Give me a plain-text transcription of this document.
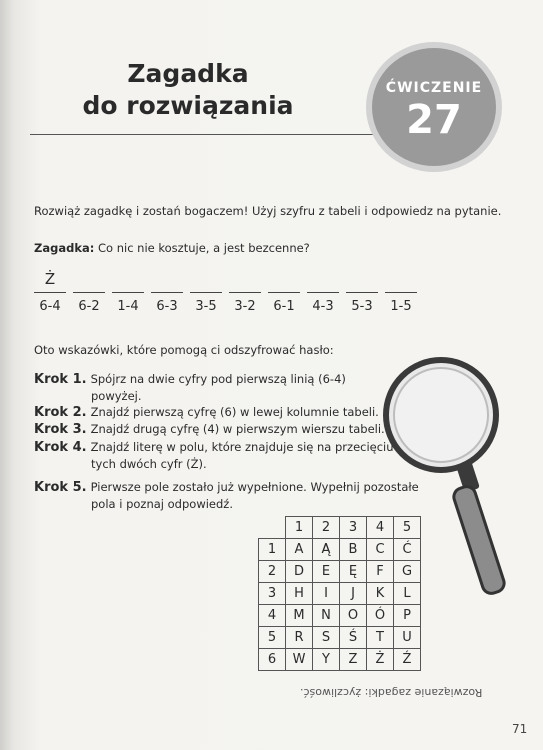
Zagadka
do rozwiązania
ĆWICZENIE
27
Rozwiąż zagadkę i zostań bogaczem! Użyj szyfru z tabeli i odpowiedz na pytanie.
Zagadka: Co nic nie kosztuje, a jest bezcenne?
Ż
6-4	6-2	1-4	6-3	3-5	3-2	6-1	4-3	5-3	1-5
Oto wskazówki, które pomogą ci odszyfrować hasło:
Krok 1. Spójrz na dwie cyfry pod pierwszą linią (6-4)
powyżej.
Krok 2. Znajdź pierwszą cyfrę (6) w lewej kolumnie tabeli.
Krok 3. Znajdź drugą cyfrę (4) w pierwszym wierszu tabeli.
Krok 4. Znajdź literę w polu, które znajduje się na przecięciu
tych dwóch cyfr (Ż).
Krok 5. Pierwsze pole zostało już wypełnione. Wypełnij pozostałe
pola i poznaj odpowiedź.
	1	2	3	4	5
1	A	Ą	B	C	Ć
2	D	E	Ę	F	G
3	H	I	J	K	L
4	M	N	O	Ó	P
5	R	S	Ś	T	U
6	W	Y	Z	Ż	Ź
Rozwiązanie zagadki: życzliwość.
71
